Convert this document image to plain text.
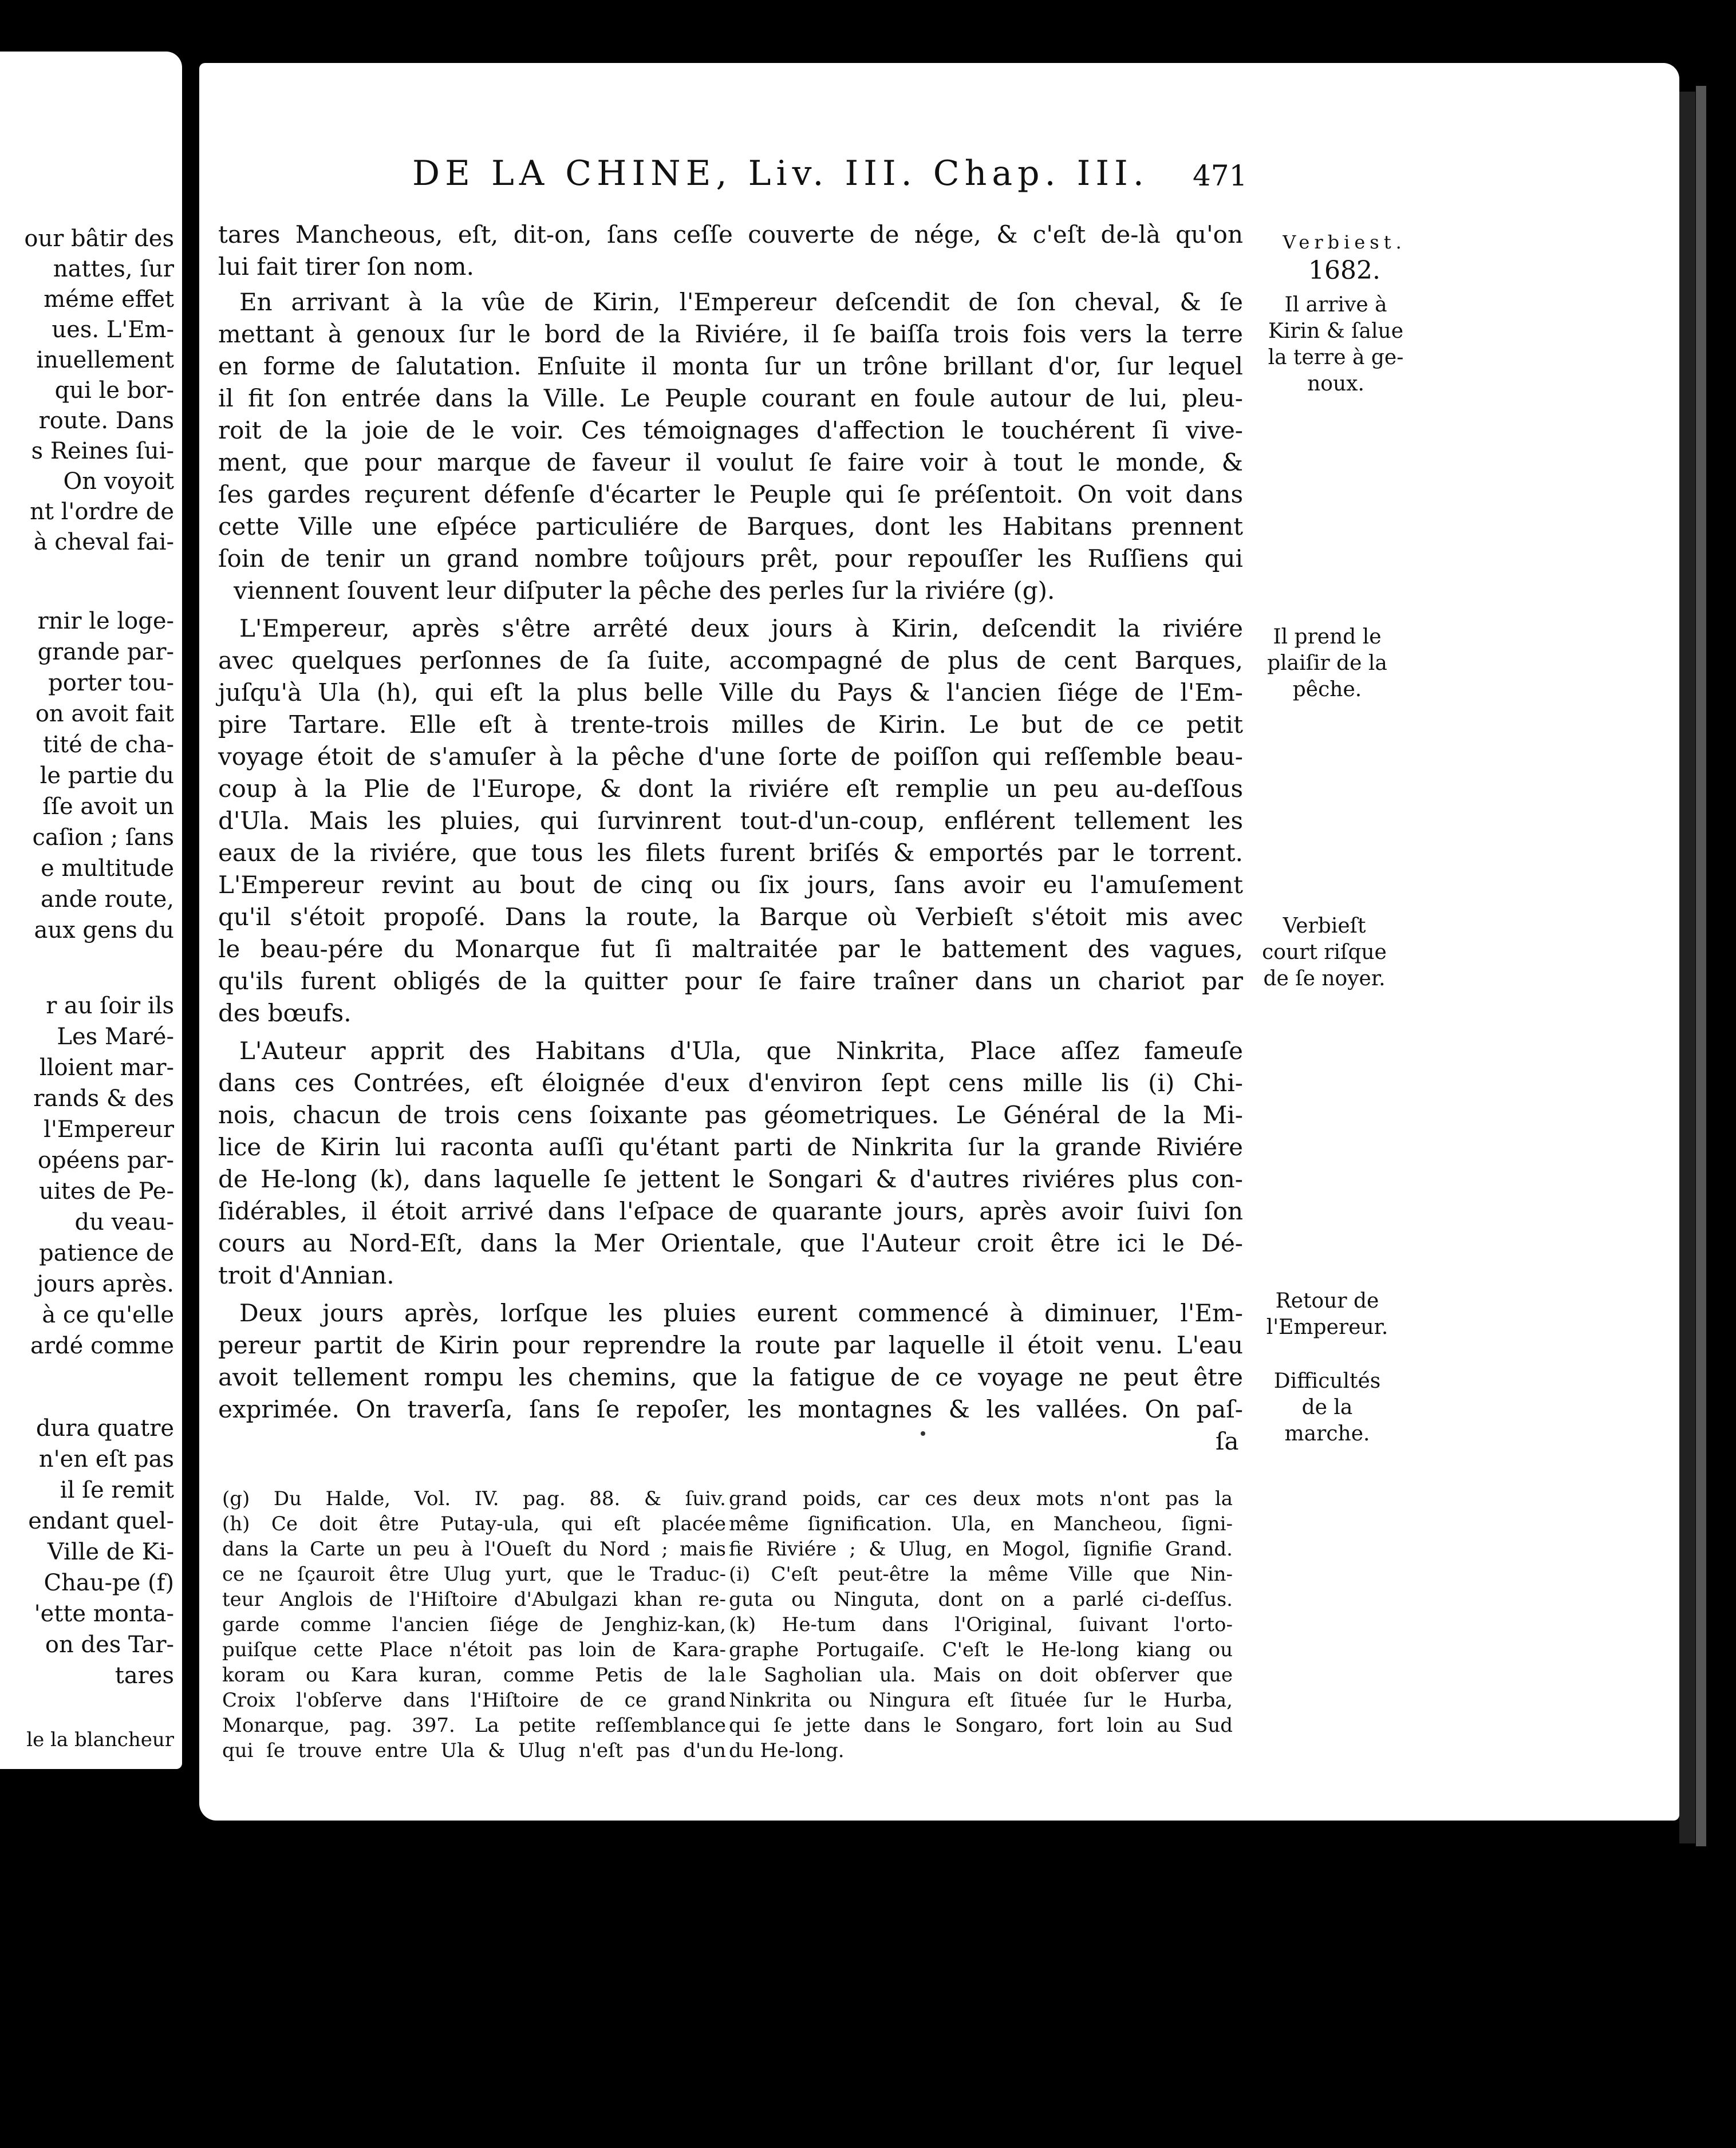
our bâtir des
nattes, ſur
méme effet
ues. L'Em-
inuellement
qui le bor-
route. Dans
s Reines ſui-
On voyoit
nt l'ordre de
à cheval fai-
rnir le loge-
grande par-
porter tou-
on avoit fait
tité de cha-
le partie du
ſſe avoit un
caſion ; ſans
e multitude
ande route,
aux gens du
r au ſoir ils
Les Maré-
lloient mar-
rands & des
l'Empereur
opéens par-
uites de Pe-
du veau-
patience de
jours après.
à ce qu'elle
ardé comme
dura quatre
n'en eſt pas
il ſe remit
endant quel-
Ville de Ki-
Chau-pe (f)
'ette monta-
on des Tar-
tares
le la blancheur
DE LA CHINE, Liv. III. Chap. III.	471
tares Mancheous, eſt, dit-on, ſans ceſſe couverte de nége, & c'eſt de-là qu'on
lui fait tirer ſon nom.
En arrivant à la vûe de Kirin, l'Empereur deſcendit de ſon cheval, & ſe
mettant à genoux ſur le bord de la Riviére, il ſe baiſſa trois fois vers la terre
en forme de ſalutation. Enſuite il monta ſur un trône brillant d'or, ſur lequel
il fit ſon entrée dans la Ville. Le Peuple courant en foule autour de lui, pleu-
roit de la joie de le voir. Ces témoignages d'affection le touchérent ſi vive-
ment, que pour marque de faveur il voulut ſe faire voir à tout le monde, &
ſes gardes reçurent défenſe d'écarter le Peuple qui ſe préſentoit. On voit dans
cette Ville une eſpéce particuliére de Barques, dont les Habitans prennent
ſoin de tenir un grand nombre toûjours prêt, pour repouſſer les Ruſſiens qui
viennent ſouvent leur diſputer la pêche des perles ſur la riviére (g).
L'Empereur, après s'être arrêté deux jours à Kirin, deſcendit la riviére
avec quelques perſonnes de ſa ſuite, accompagné de plus de cent Barques,
juſqu'à Ula (h), qui eſt la plus belle Ville du Pays & l'ancien ſiége de l'Em-
pire Tartare. Elle eſt à trente-trois milles de Kirin. Le but de ce petit
voyage étoit de s'amuſer à la pêche d'une ſorte de poiſſon qui reſſemble beau-
coup à la Plie de l'Europe, & dont la riviére eſt remplie un peu au-deſſous
d'Ula. Mais les pluies, qui ſurvinrent tout-d'un-coup, enflérent tellement les
eaux de la riviére, que tous les filets furent briſés & emportés par le torrent.
L'Empereur revint au bout de cinq ou ſix jours, ſans avoir eu l'amuſement
qu'il s'étoit propoſé. Dans la route, la Barque où Verbieſt s'étoit mis avec
le beau-pére du Monarque fut ſi maltraitée par le battement des vagues,
qu'ils furent obligés de la quitter pour ſe faire traîner dans un chariot par
des bœufs.
L'Auteur apprit des Habitans d'Ula, que Ninkrita, Place aſſez fameuſe
dans ces Contrées, eſt éloignée d'eux d'environ ſept cens mille lis (i) Chi-
nois, chacun de trois cens ſoixante pas géometriques. Le Général de la Mi-
lice de Kirin lui raconta auſſi qu'étant parti de Ninkrita ſur la grande Riviére
de He-long (k), dans laquelle ſe jettent le Songari & d'autres riviéres plus con-
ſidérables, il étoit arrivé dans l'eſpace de quarante jours, après avoir ſuivi ſon
cours au Nord-Eſt, dans la Mer Orientale, que l'Auteur croit être ici le Dé-
troit d'Annian.
Deux jours après, lorſque les pluies eurent commencé à diminuer, l'Em-
pereur partit de Kirin pour reprendre la route par laquelle il étoit venu. L'eau
avoit tellement rompu les chemins, que la fatigue de ce voyage ne peut être
exprimée. On traverſa, ſans ſe repoſer, les montagnes & les vallées. On paſ-
ſa
Verbiest.
1682.
Il arrive à Kirin & ſalue la terre à ge-noux.
Il prend le plaiſir de la pêche.
Verbieſt court riſque de ſe noyer.
Retour de l'Empereur.
Difficultés de la marche.
(g) Du Halde, Vol. IV. pag. 88. & ſuiv.
(h) Ce doit être Putay-ula, qui eſt placée
dans la Carte un peu à l'Oueſt du Nord ; mais
ce ne ſçauroit être Ulug yurt, que le Traduc-
teur Anglois de l'Hiſtoire d'Abulgazi khan re-
garde comme l'ancien ſiége de Jenghiz-kan,
puiſque cette Place n'étoit pas loin de Kara-
koram ou Kara kuran, comme Petis de la
Croix l'obſerve dans l'Hiſtoire de ce grand
Monarque, pag. 397. La petite reſſemblance
qui ſe trouve entre Ula & Ulug n'eſt pas d'un
grand poids, car ces deux mots n'ont pas la
même ſignification. Ula, en Mancheou, ſigni-
fie Riviére ; & Ulug, en Mogol, ſignifie Grand.
(i) C'eſt peut-être la même Ville que Nin-
guta ou Ninguta, dont on a parlé ci-deſſus.
(k) He-tum dans l'Original, ſuivant l'orto-
graphe Portugaiſe. C'eſt le He-long kiang ou
le Sagholian ula. Mais on doit obſerver que
Ninkrita ou Ningura eſt ſituée ſur le Hurba,
qui ſe jette dans le Songaro, fort loin au Sud
du He-long.
